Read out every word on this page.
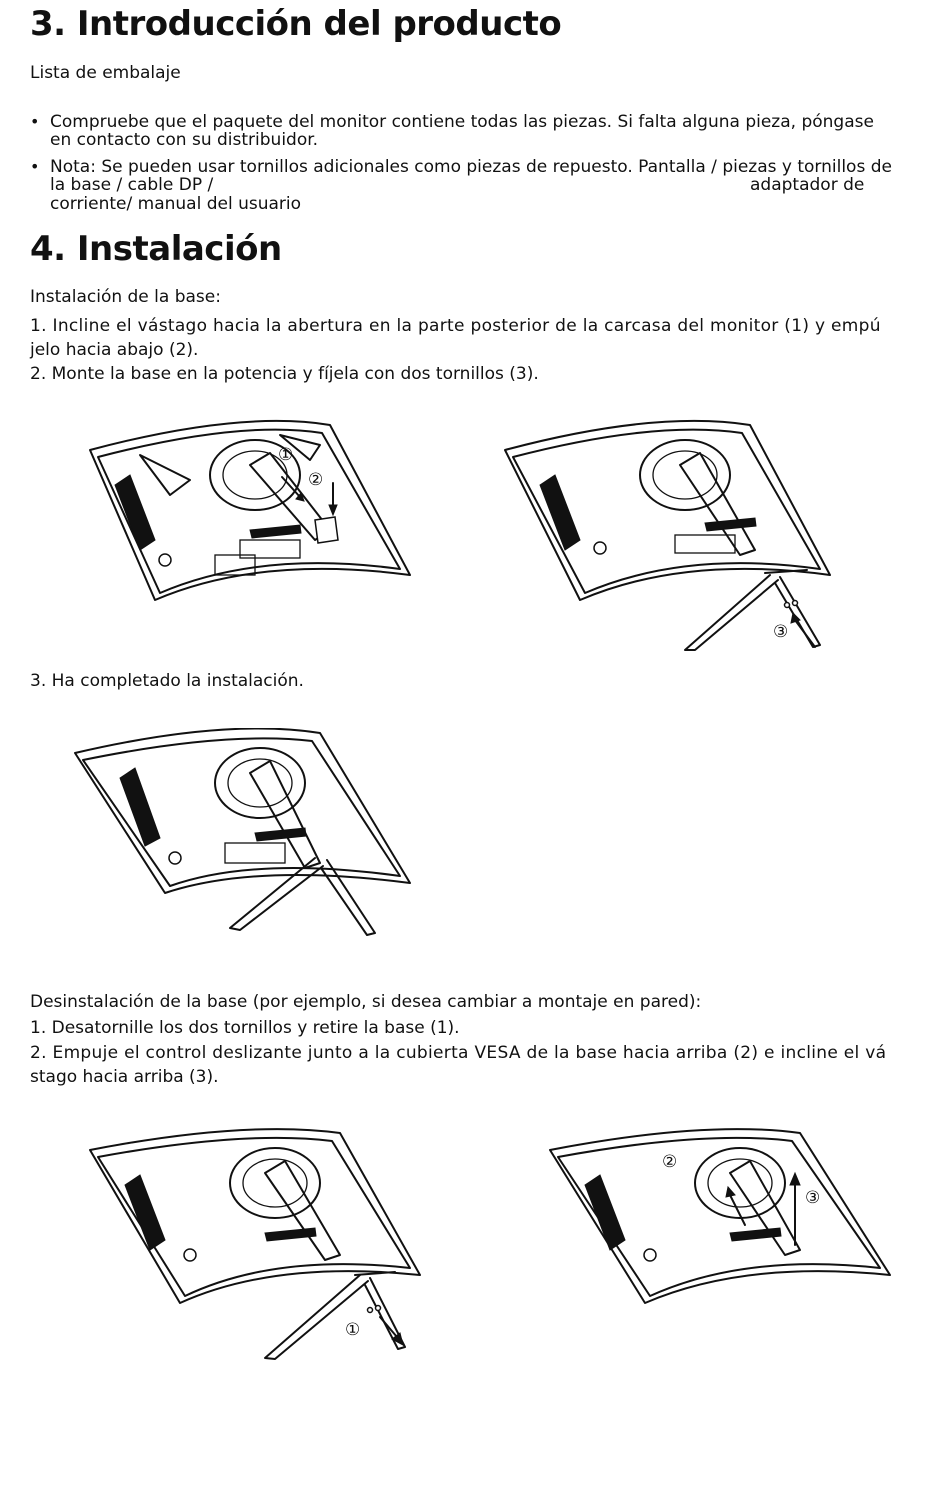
3. Introducción del producto

Lista de embalaje

• Compruebe que el paquete del monitor contiene todas las piezas. Si falta alguna pieza, póngase
en contacto con su distribuidor.
• Nota: Se pueden usar tornillos adicionales como piezas de repuesto. Pantalla / piezas y tornillos de
la base / cable DP /	adaptador de
corriente/ manual del usuario
4. Instalación

Instalación de la base:

1. Incline el vástago hacia la abertura en la parte posterior de la carcasa del monitor (1) y empú

jelo hacia abajo (2).

2. Monte la base en la potencia y fíjela con dos tornillos (3).

①
②
③

3. Ha completado la instalación.

Desinstalación de la base (por ejemplo, si desea cambiar a montaje en pared):

1. Desatornille los dos tornillos y retire la base (1).

2. Empuje el control deslizante junto a la cubierta VESA de la base hacia arriba (2) e incline el vá

stago hacia arriba (3).

①
②
③
